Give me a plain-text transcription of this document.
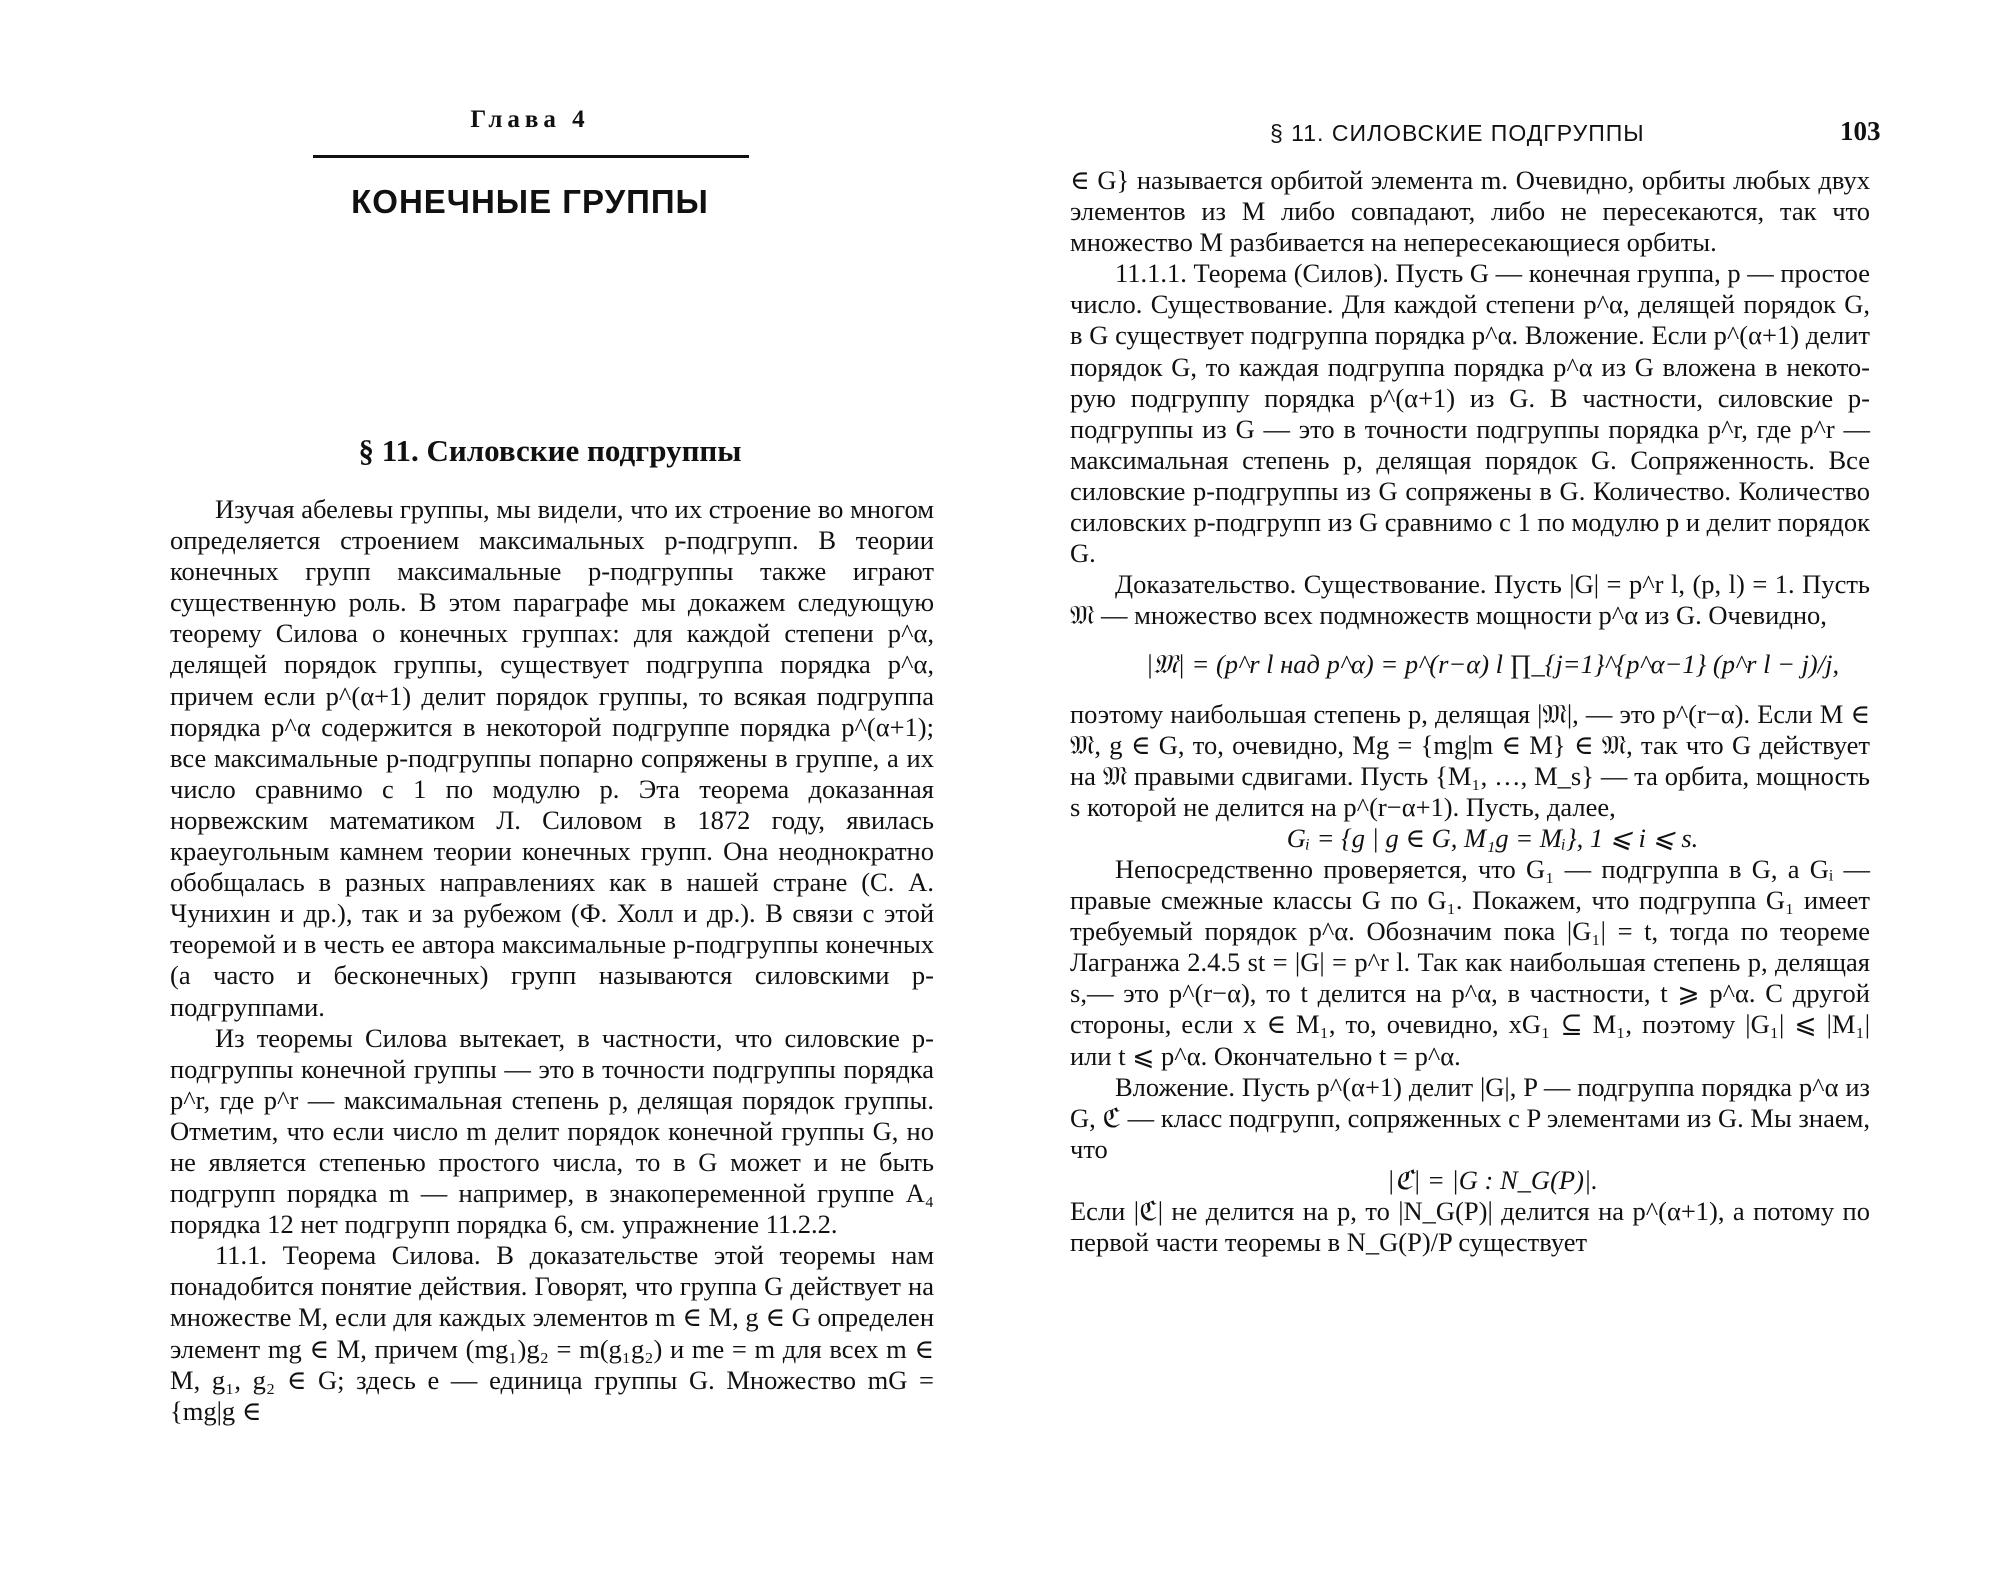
Глава 4
КОНЕЧНЫЕ ГРУППЫ
§ 11. Силовские подгруппы

Изучая абелевы группы, мы видели, что их строение во многом определяется строением максимальных p-подгрупп. В теории конечных групп максимальные p-подгруппы также играют существенную роль. В этом параграфе мы докажем следующую теорему Силова о конечных группах: для каждой степени p^α, делящей порядок группы, существует подгруппа порядка p^α, причем если p^(α+1) делит порядок группы, то всякая подгруппа порядка p^α содержится в некоторой подгруппе порядка p^(α+1); все максимальные p-подгруппы попарно сопряжены в группе, а их число сравнимо с 1 по модулю p. Эта теорема доказанная норвежским математиком Л. Силовом в 1872 году, явилась краеугольным камнем теории конечных групп. Она неоднократно обобщалась в разных направлениях как в нашей стране (С. А. Чунихин и др.), так и за рубежом (Ф. Холл и др.). В связи с этой теоремой и в честь ее автора максимальные p-подгруппы конечных (а часто и бесконечных) групп называются силовскими p-подгруппами.

Из теоремы Силова вытекает, в частности, что силовские p-подгруппы конечной группы — это в точности подгруппы порядка p^r, где p^r — максимальная степень p, делящая порядок группы. Отметим, что если число m делит порядок конечной группы G, но не является степенью простого числа, то в G может и не быть подгрупп порядка m — например, в знакопеременной группе A₄ порядка 12 нет подгрупп порядка 6, см. упражнение 11.2.2.

11.1. Теорема Силова. В доказательстве этой теоремы нам понадобится понятие действия. Говорят, что группа G действует на множестве M, если для каждых элементов m ∈ M, g ∈ G определен элемент mg ∈ M, причем (mg₁)g₂ = m(g₁g₂) и me = m для всех m ∈ M, g₁, g₂ ∈ G; здесь e — единица группы G. Множество mG = {mg|g ∈

§ 11. СИЛОВСКИЕ ПОДГРУППЫ	103

∈ G} называется орбитой элемента m. Очевидно, орбиты любых двух элементов из M либо совпадают, либо не пересекаются, так что множество M разбивается на непересекающиеся орбиты.

11.1.1. Теорема (Силов). Пусть G — конечная группа, p — простое число. Существование. Для каждой степени p^α, делящей порядок G, в G существует подгруппа порядка p^α. Вложение. Если p^(α+1) делит порядок G, то каждая подгруппа порядка p^α из G вложена в некоторую подгруппу порядка p^(α+1) из G. В частности, силовские p-подгруппы из G — это в точности подгруппы порядка p^r, где p^r — максимальная степень p, делящая порядок G. Сопряженность. Все силовские p-подгруппы из G сопряжены в G. Количество. Количество силовских p-подгрупп из G сравнимо с 1 по модулю p и делит порядок G.

Доказательство. Существование. Пусть |G| = p^r l, (p, l) = 1. Пусть 𝔐 — множество всех подмножеств мощности p^α из G. Очевидно,

|𝔐| = (p^r l над p^α) = p^(r−α) l ∏_{j=1}^{p^α−1} (p^r l − j)/j,

поэтому наибольшая степень p, делящая |𝔐|, — это p^(r−α). Если M ∈ 𝔐, g ∈ G, то, очевидно, Mg = {mg|m ∈ M} ∈ 𝔐, так что G действует на 𝔐 правыми сдвигами. Пусть {M₁, …, M_s} — та орбита, мощность s которой не делится на p^(r−α+1). Пусть, далее,

Gᵢ = {g | g ∈ G, M₁g = Mᵢ}, 1 ⩽ i ⩽ s.

Непосредственно проверяется, что G₁ — подгруппа в G, а Gᵢ — правые смежные классы G по G₁. Покажем, что подгруппа G₁ имеет требуемый порядок p^α. Обозначим пока |G₁| = t, тогда по теореме Лагранжа 2.4.5 st = |G| = p^r l. Так как наибольшая степень p, делящая s,— это p^(r−α), то t делится на p^α, в частности, t ⩾ p^α. С другой стороны, если x ∈ M₁, то, очевидно, xG₁ ⊆ M₁, поэтому |G₁| ⩽ |M₁| или t ⩽ p^α. Окончательно t = p^α.

Вложение. Пусть p^(α+1) делит |G|, P — подгруппа порядка p^α из G, ℭ — класс подгрупп, сопряженных с P элементами из G. Мы знаем, что

|ℭ| = |G : N_G(P)|.

Если |ℭ| не делится на p, то |N_G(P)| делится на p^(α+1), а потому по первой части теоремы в N_G(P)/P существует
